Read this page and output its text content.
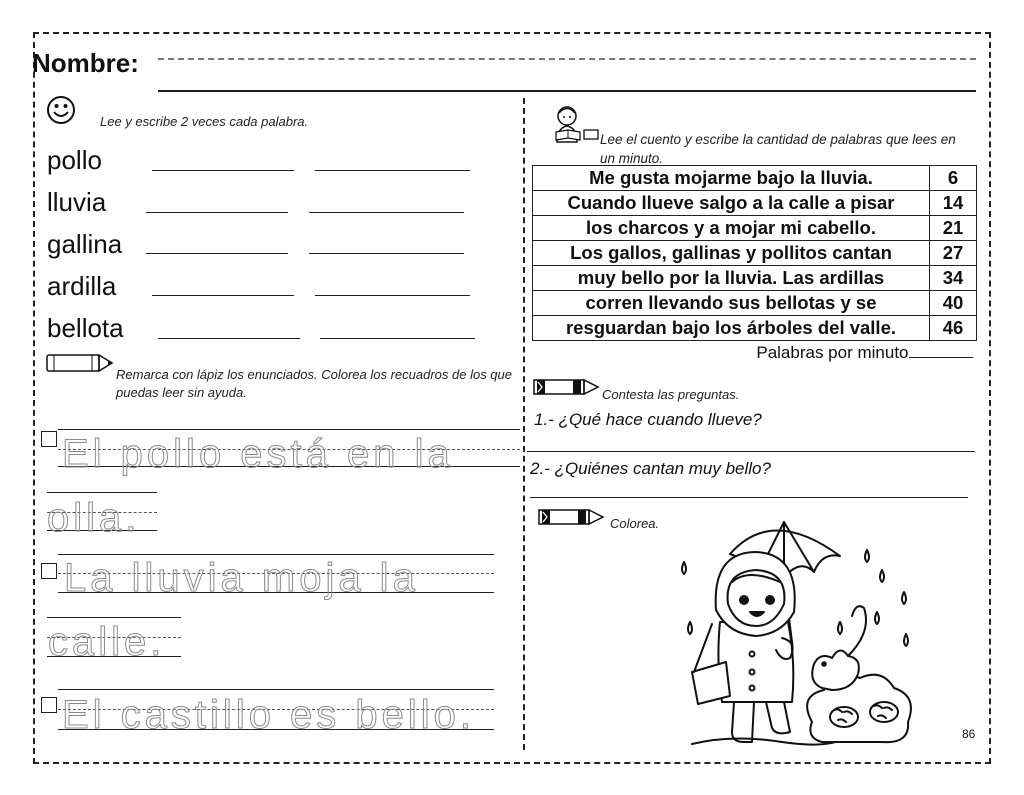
Nombre:
Lee y escribe 2 veces cada palabra.
pollo
lluvia
gallina
ardilla
bellota
Remarca con lápiz los enunciados. Colorea los recuadros de los que puedas leer sin ayuda.
El pollo está en la
olla.
La lluvia moja la
calle.
El castillo es bello.
Lee el cuento y escribe la cantidad de palabras que lees en un minuto.
Me gusta mojarme bajo la lluvia.	6
Cuando llueve salgo a la calle a pisar	14
los charcos y a mojar mi cabello.	21
Los gallos, gallinas y pollitos cantan	27
muy bello por la lluvia. Las ardillas	34
corren llevando sus bellotas y se	40
resguardan bajo los árboles del valle.	46
Palabras por minuto	
Contesta las preguntas.
1.- ¿Qué hace cuando llueve?
2.- ¿Quiénes cantan muy bello?
Colorea.
86
